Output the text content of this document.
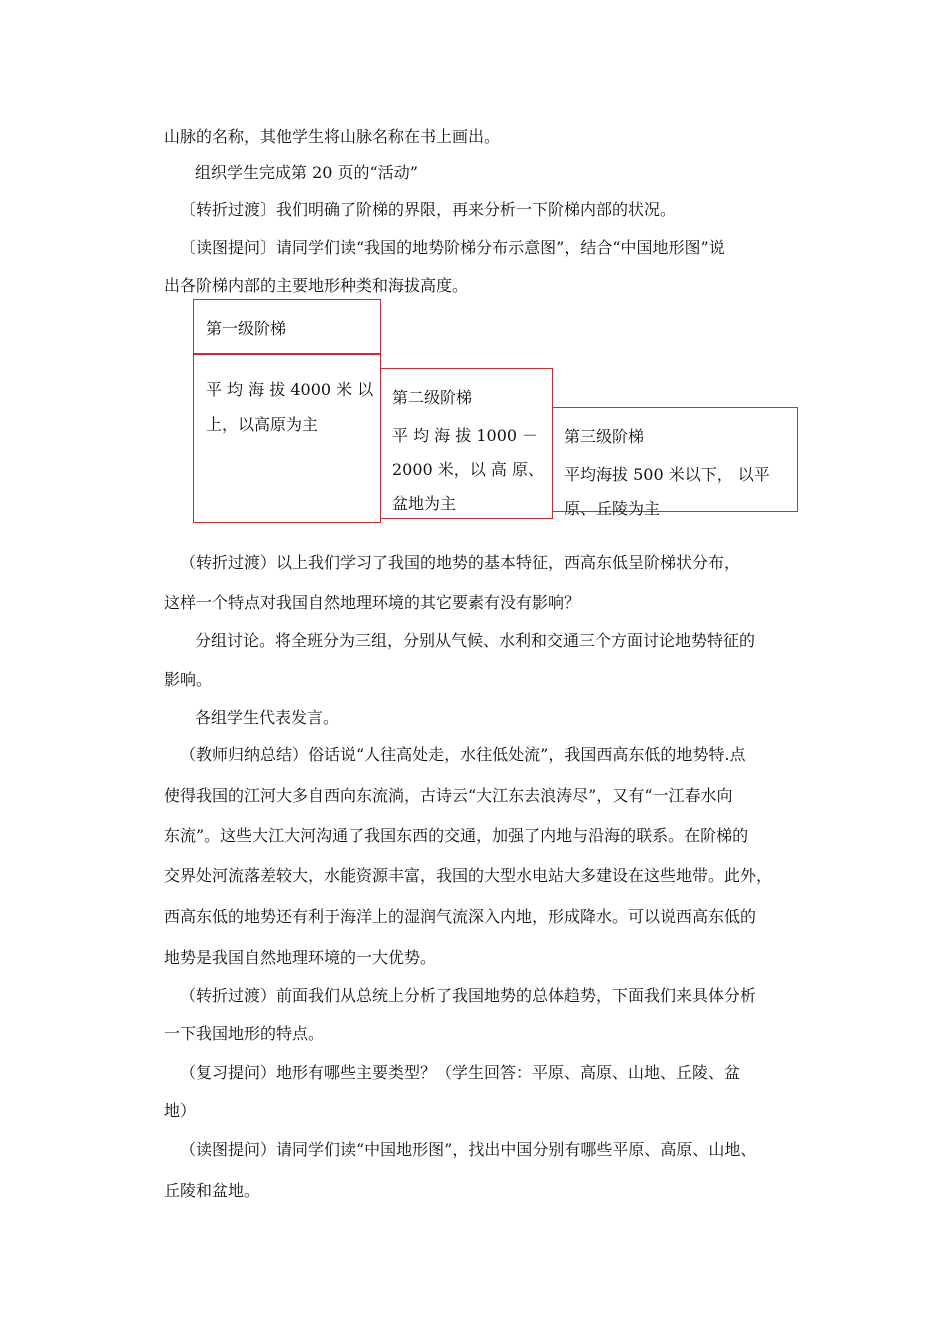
山脉的名称，其他学生将山脉名称在书上画出。
组织学生完成第 20 页的“活动”
〔转折过渡〕我们明确了阶梯的界限，再来分析一下阶梯内部的状况。
〔读图提问〕请同学们读“我国的地势阶梯分布示意图”，结合“中国地形图”说
出各阶梯内部的主要地形种类和海拔高度。
第一级阶梯
平 均 海 拔 4000 米 以
上，以高原为主
第二级阶梯
平 均 海 拔 1000 －
2000 米，以 高 原、
盆地为主
第三级阶梯
平均海拔 500 米以下， 以平
原、丘陵为主
（转折过渡）以上我们学习了我国的地势的基本特征，西高东低呈阶梯状分布，
这样一个特点对我国自然地理环境的其它要素有没有影响？
分组讨论。将全班分为三组，分别从气候、水利和交通三个方面讨论地势特征的
影响。
各组学生代表发言。
（教师归纳总结）俗话说“人往高处走，水往低处流”，我国西高东低的地势特.点
使得我国的江河大多自西向东流淌，古诗云“大江东去浪涛尽”，又有“一江春水向
东流”。这些大江大河沟通了我国东西的交通，加强了内地与沿海的联系。在阶梯的
交界处河流落差较大，水能资源丰富，我国的大型水电站大多建设在这些地带。此外，
西高东低的地势还有利于海洋上的湿润气流深入内地，形成降水。可以说西高东低的
地势是我国自然地理环境的一大优势。
（转折过渡）前面我们从总统上分析了我国地势的总体趋势，下面我们来具体分析
一下我国地形的特点。
（复习提问）地形有哪些主要类型？（学生回答：平原、高原、山地、丘陵、盆
地）
（读图提问）请同学们读“中国地形图”，找出中国分别有哪些平原、高原、山地、
丘陵和盆地。
